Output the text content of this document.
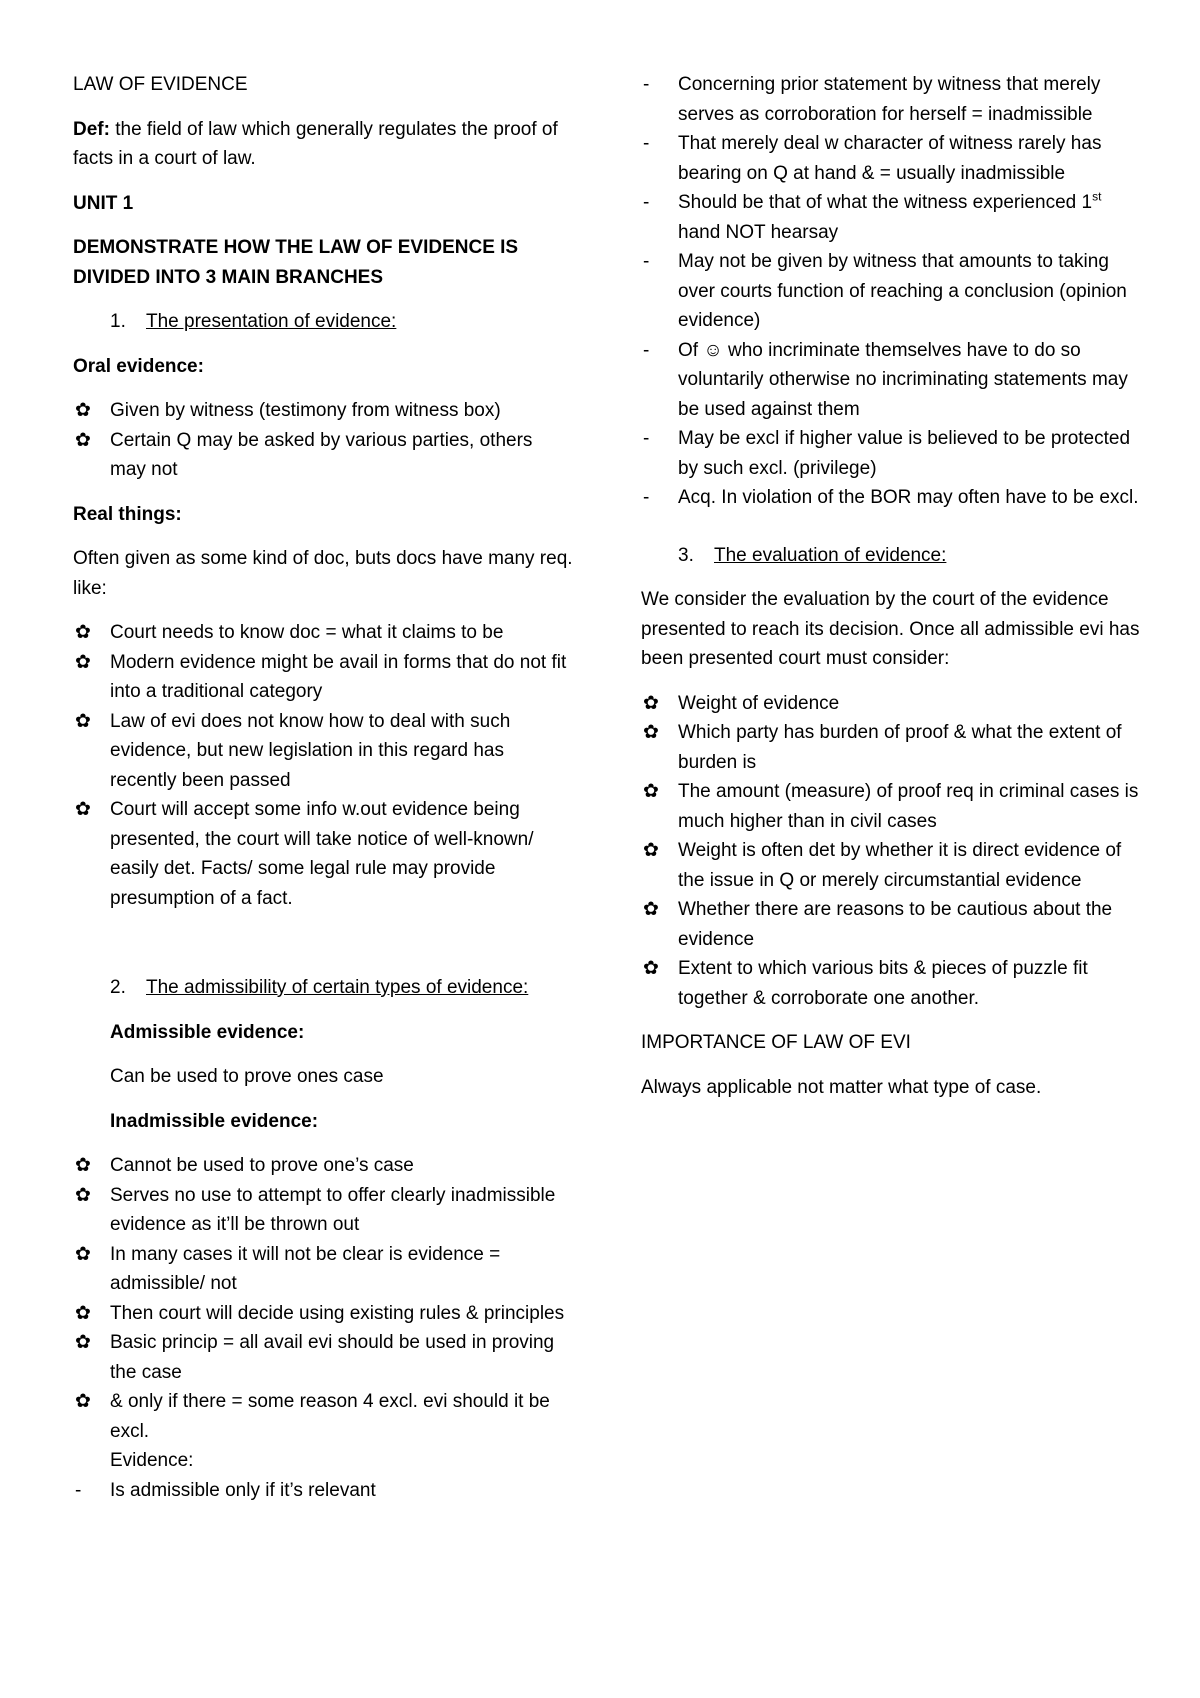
LAW OF EVIDENCE

Def: the field of law which generally regulates the proof of facts in a court of law.

UNIT 1

DEMONSTRATE HOW THE LAW OF EVIDENCE IS DIVIDED INTO 3 MAIN BRANCHES

1. The presentation of evidence:

Oral evidence:

✿ Given by witness (testimony from witness box)
✿ Certain Q may be asked by various parties, others may not

Real things:

Often given as some kind of doc, buts docs have many req. like:

✿ Court needs to know doc = what it claims to be
✿ Modern evidence might be avail in forms that do not fit into a traditional category
✿ Law of evi does not know how to deal with such evidence, but new legislation in this regard has recently been passed
✿ Court will accept some info w.out evidence being presented, the court will take notice of well-known/ easily det. Facts/ some legal rule may provide presumption of a fact.
2. The admissibility of certain types of evidence:

Admissible evidence:

Can be used to prove ones case

Inadmissible evidence:

✿ Cannot be used to prove one’s case
✿ Serves no use to attempt to offer clearly inadmissible evidence as it’ll be thrown out
✿ In many cases it will not be clear is evidence = admissible/ not
✿ Then court will decide using existing rules & principles
✿ Basic princip = all avail evi should be used in proving the case
✿ & only if there = some reason 4 excl. evi should it be excl.

Evidence:

- Is admissible only if it’s relevant
- Concerning prior statement by witness that merely serves as corroboration for herself = inadmissible
- That merely deal w character of witness rarely has bearing on Q at hand & = usually inadmissible
- Should be that of what the witness experienced 1st hand NOT hearsay
- May not be given by witness that amounts to taking over courts function of reaching a conclusion (opinion evidence)
- Of ☺ who incriminate themselves have to do so voluntarily otherwise no incriminating statements may be used against them
- May be excl if higher value is believed to be protected by such excl. (privilege)
- Acq. In violation of the BOR may often have to be excl.
3. The evaluation of evidence:

We consider the evaluation by the court of the evidence presented to reach its decision. Once all admissible evi has been presented court must consider:

✿ Weight of evidence
✿ Which party has burden of proof & what the extent of burden is
✿ The amount (measure) of proof req in criminal cases is much higher than in civil cases
✿ Weight is often det by whether it is direct evidence of the issue in Q or merely circumstantial evidence
✿ Whether there are reasons to be cautious about the evidence
✿ Extent to which various bits & pieces of puzzle fit together & corroborate one another.

IMPORTANCE OF LAW OF EVI

Always applicable not matter what type of case.
